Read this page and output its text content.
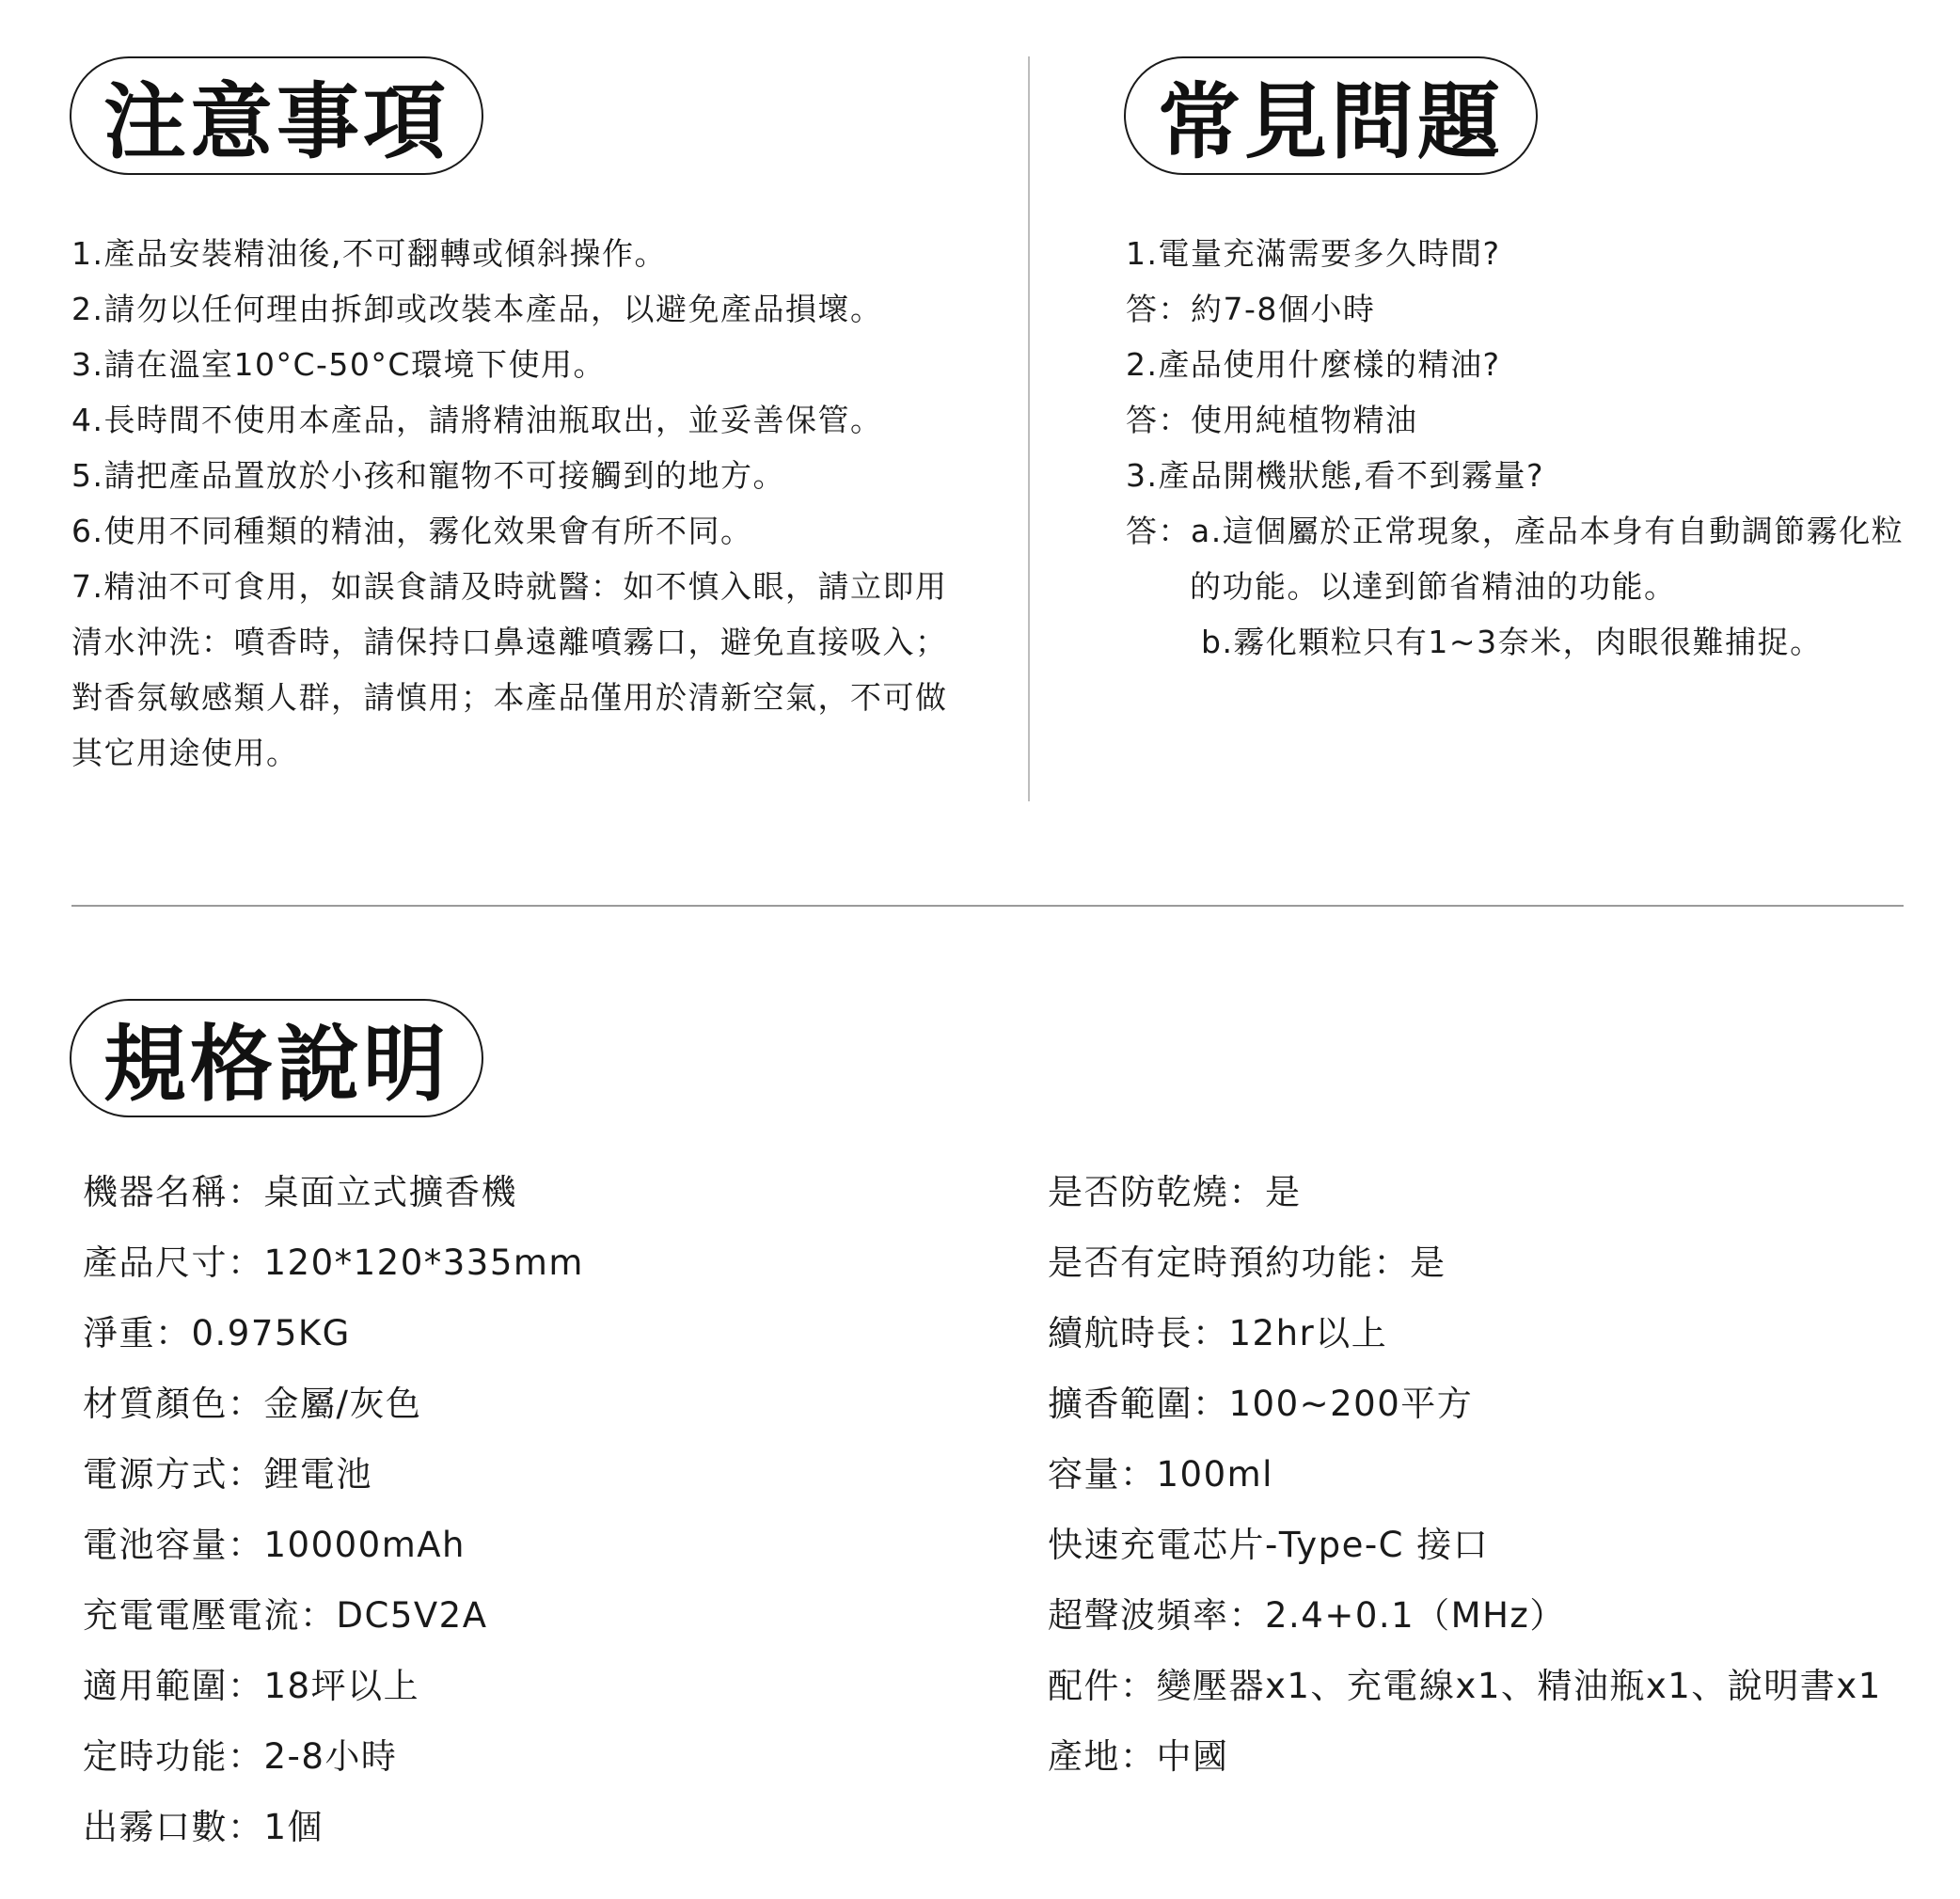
注意事項
1.產品安裝精油後,不可翻轉或傾斜操作。
2.請勿以任何理由拆卸或改裝本產品，以避免產品損壞。
3.請在溫室10°C-50°C環境下使用。
4.長時間不使用本產品，請將精油瓶取出，並妥善保管。
5.請把產品置放於小孩和寵物不可接觸到的地方。
6.使用不同種類的精油，霧化效果會有所不同。
7.精油不可食用，如誤食請及時就醫：如不慎入眼，請立即用清水沖洗：噴香時，請保持口鼻遠離噴霧口，避免直接吸入；對香氛敏感類人群，請慎用；本產品僅用於清新空氣，不可做其它用途使用。
常見問題
1.電量充滿需要多久時間?
答：約7-8個小時
2.產品使用什麼樣的精油?
答：使用純植物精油
3.產品開機狀態,看不到霧量?
答：a.這個屬於正常現象，產品本身有自動調節霧化粒的功能。以達到節省精油的功能。
b.霧化顆粒只有1~3奈米，肉眼很難捕捉。
規格說明
機器名稱：桌面立式擴香機
產品尺寸：120*120*335mm
淨重：0.975KG
材質顏色：金屬/灰色
電源方式：鋰電池
電池容量：10000mAh
充電電壓電流：DC5V2A
適用範圍：18坪以上
定時功能：2-8小時
出霧口數：1個
是否防乾燒：是
是否有定時預約功能：是
續航時長：12hr以上
擴香範圍：100~200平方
容量：100ml
快速充電芯片-Type-C 接口
超聲波頻率：2.4+0.1（MHz）
配件：變壓器x1、充電線x1、精油瓶x1、說明書x1
產地：中國
